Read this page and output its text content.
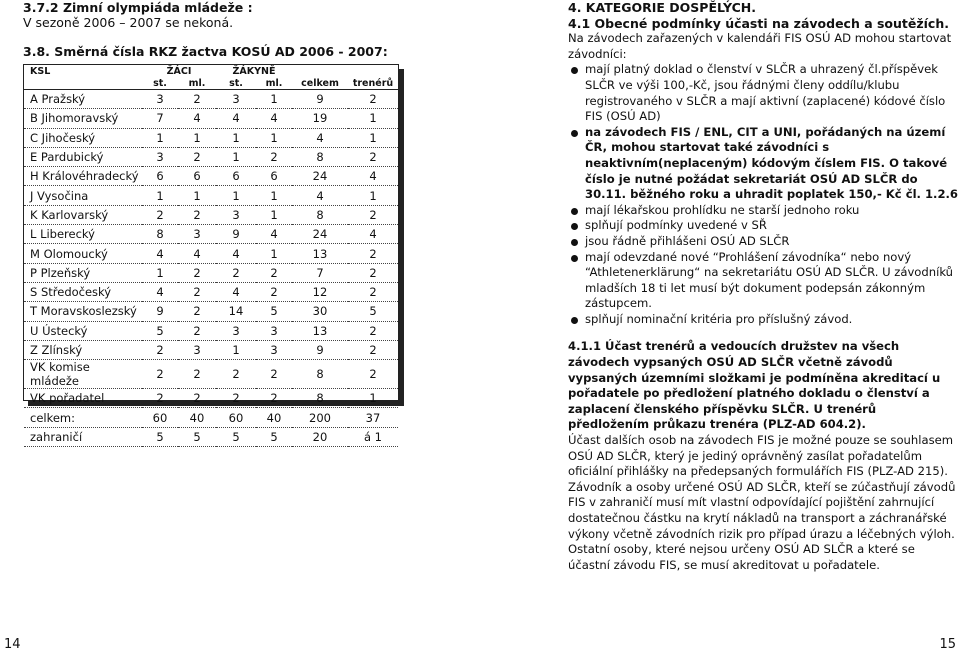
3.7.2 Zimní olympiáda mládeže :
V sezoně 2006 – 2007 se nekoná.
3.8. Směrná čísla RKZ žactva KOSÚ AD 2006 - 2007:
KSL	ŽÁCI		ŽÁKYNĚ			
	st.	ml.	st.	ml.	celkem	trenérů
A Pražský	3	2	3	1	9	2
B Jihomoravský	7	4	4	4	19	1
C Jihočeský	1	1	1	1	4	1
E Pardubický	3	2	1	2	8	2
H Královéhradecký	6	6	6	6	24	4
J Vysočina	1	1	1	1	4	1
K Karlovarský	2	2	3	1	8	2
L Liberecký	8	3	9	4	24	4
M Olomoucký	4	4	4	1	13	2
P Plzeňský	1	2	2	2	7	2
S Středočeský	4	2	4	2	12	2
T Moravskoslezský	9	2	14	5	30	5
U Ústecký	5	2	3	3	13	2
Z Zlínský	2	3	1	3	9	2
VK komise mládeže	2	2	2	2	8	2
VK pořadatel	2	2	2	2	8	1
celkem:	60	40	60	40	200	37
zahraničí	5	5	5	5	20	á 1

4. KATEGORIE DOSPĚLÝCH.

4.1 Obecné podmínky účasti na závodech a soutěžích.

Na závodech zařazených v kalendáři FIS OSÚ AD mohou startovat závodníci:

mají platný doklad o členství v SLČR a uhrazený čl.příspěvek SLČR ve výši 100,-Kč, jsou řádnými členy oddílu/klubu registrovaného v SLČR a mají aktivní (zaplacené) kódové číslo FIS (OSÚ AD)

na závodech FIS / ENL, CIT a UNI, pořádaných na území ČR, mohou startovat také závodníci s neaktivním(neplaceným) kódovým číslem FIS. O takové číslo je nutné požádat sekretariát OSÚ AD SLČR do 30.11. běžného roku a uhradit poplatek 150,- Kč čl. 1.2.6

mají lékařskou prohlídku ne starší jednoho roku

splňují podmínky uvedené v SŘ

jsou řádně přihlášeni OSÚ AD SLČR

mají odevzdané nové “Prohlášení závodníka“ nebo nový “Athletenerklärung“ na sekretariátu OSÚ AD SLČR. U závodníků mladších 18 ti let musí být dokument podepsán zákonným zástupcem.

splňují nominační kritéria pro příslušný závod.

4.1.1 Účast trenérů a vedoucích družstev na všech závodech vypsaných OSÚ AD SLČR včetně závodů vypsaných územními složkami je podmíněna akreditací u pořadatele po předložení platného dokladu o členství a zaplacení členského příspěvku SLČR. U trenérů předložením průkazu trenéra (PLZ-AD 604.2).

Účast dalších osob na závodech FIS je možné pouze se souhlasem OSÚ AD SLČR, který je jediný oprávněný zasílat pořadatelům oficiální přihlášky na předepsaných formulářích FIS (PLZ-AD 215).

Závodník a osoby určené OSÚ AD SLČR, kteří se zúčastňují závodů FIS v zahraničí musí mít vlastní odpovídající pojištění zahrnující dostatečnou částku na krytí nákladů na transport a záchranářské výkony včetně závodních rizik pro případ úrazu a léčebných výloh.

Ostatní osoby, které nejsou určeny OSÚ AD SLČR a které se účastní závodu FIS, se musí akreditovat u pořadatele.

14	15
